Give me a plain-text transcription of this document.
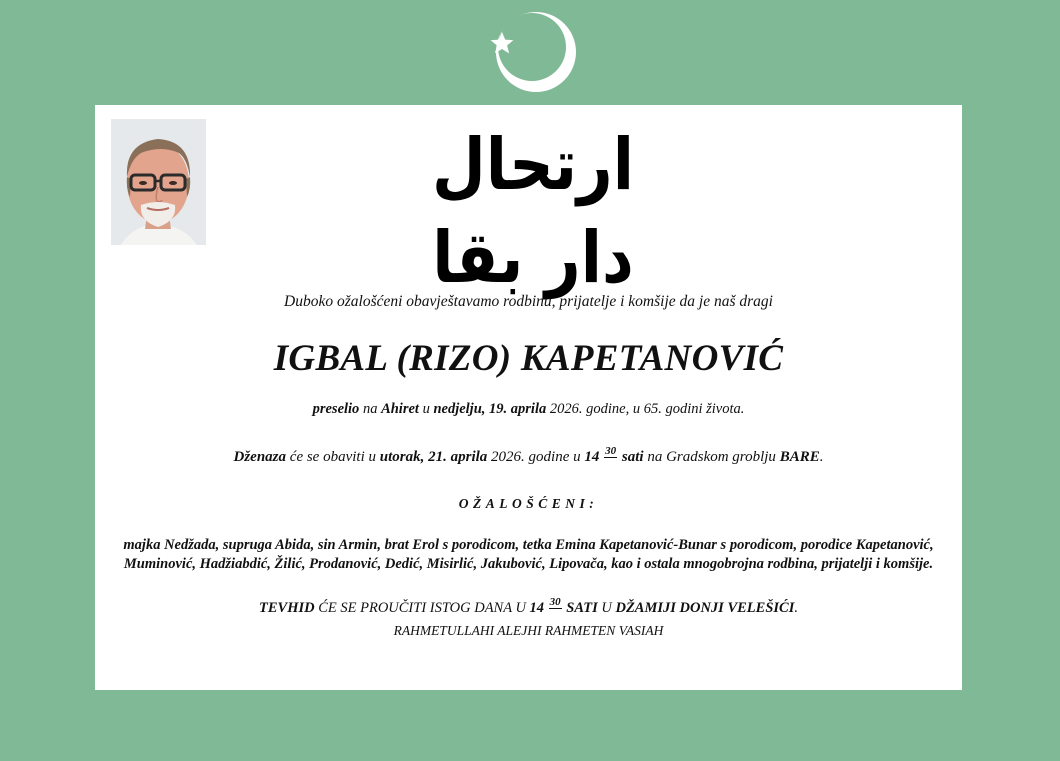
ارتحال دار بقا

Duboko ožalošćeni obavještavamo rodbinu, prijatelje i komšije da je naš dragi

IGBAL (RIZO) KAPETANOVIĆ

preselio na Ahiret u nedjelju, 19. aprila 2026. godine, u 65. godini života.

Dženaza će se obaviti u utorak, 21. aprila 2026. godine u 14 30 sati na Gradskom groblju BARE.

OŽALOŠĆENI:

majka Nedžada, supruga Abida, sin Armin, brat Erol s porodicom, tetka Emina Kapetanović-Bunar s porodicom, porodice Kapetanović, Muminović, Hadžiabdić, Žilić, Prodanović, Dedić, Misirlić, Jakubović, Lipovača, kao i ostala mnogobrojna rodbina, prijatelji i komšije.

TEVHID ĆE SE PROUČITI ISTOG DANA U 14 30 SATI U DŽAMIJI DONJI VELEŠIĆI.

RAHMETULLAHI ALEJHI RAHMETEN VASIAH
